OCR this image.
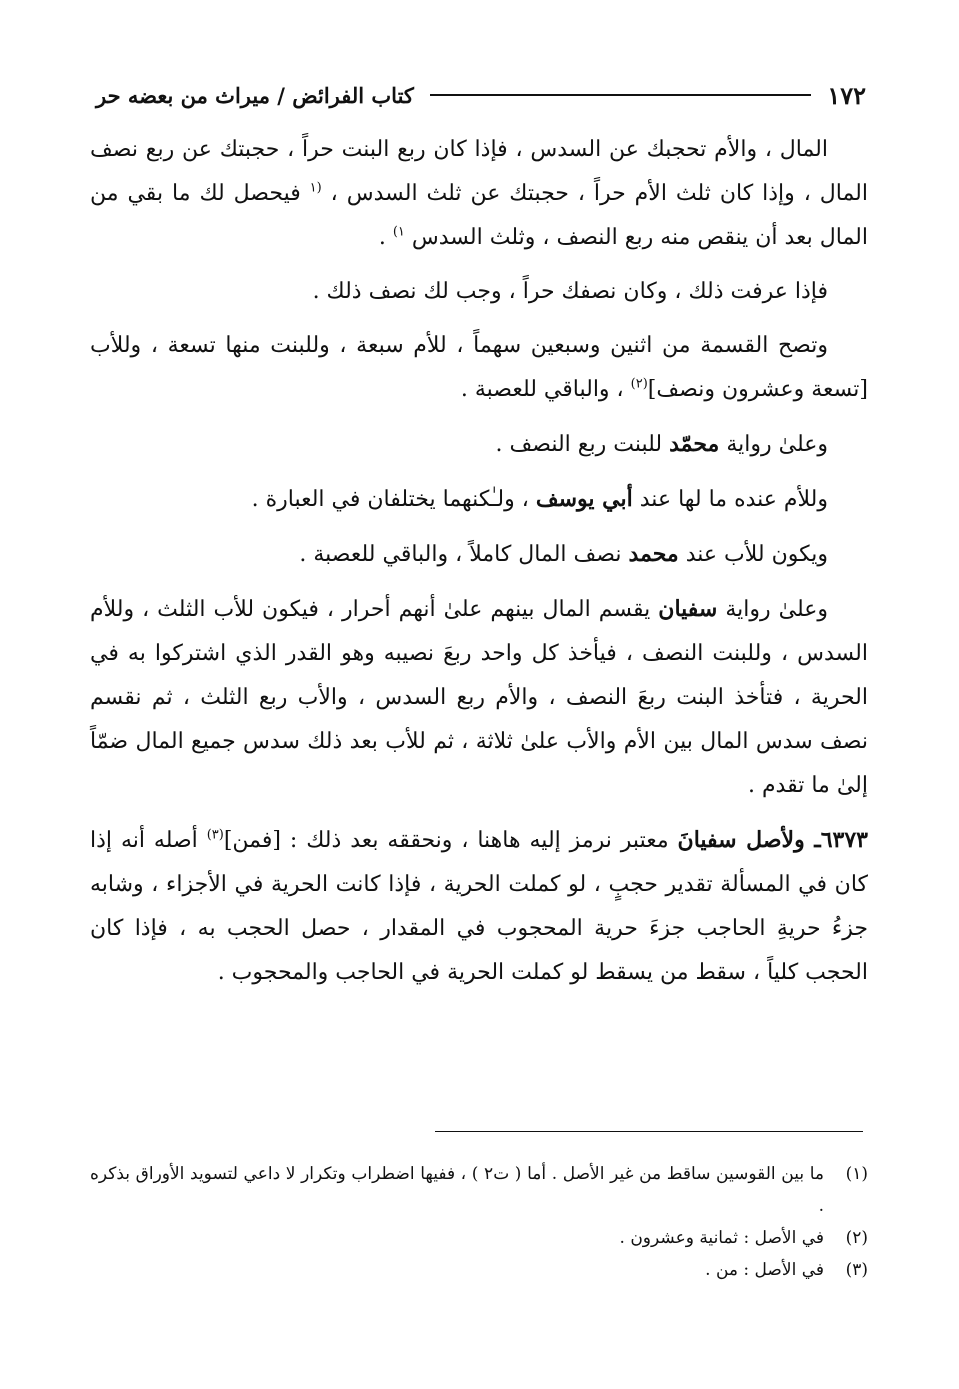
١٧٢
كتاب الفرائض / ميراث من بعضه حر

المال ، والأم تحجبك عن السدس ، فإذا كان ربع البنت حراً ، حجبتك عن ربع نصف المال ، وإذا كان ثلث الأم حراً ، حجبتك عن ثلث السدس ، $^{(١}$ فيحصل لك ما بقي من المال بعد أن ينقص منه ربع النصف ، وثلث السدس $^{١)}$ .

فإذا عرفت ذلك ، وكان نصفك حراً ، وجب لك نصف ذلك .

وتصح القسمة من اثنين وسبعين سهماً ، للأم سبعة ، وللبنت منها تسعة ، وللأب [تسعة وعشرون ونصف]$^{(٢)}$ ، والباقي للعصبة .

وعلىٰ رواية محمّد للبنت ربع النصف .

وللأم عنده ما لها عند أبي يوسف ، ولـٰكنهما يختلفان في العبارة .

ويكون للأب عند محمد نصف المال كاملاً ، والباقي للعصبة .

وعلىٰ رواية سفيان يقسم المال بينهم علىٰ أنهم أحرار ، فيكون للأب الثلث ، وللأم السدس ، وللبنت النصف ، فيأخذ كل واحد ربعَ نصيبه وهو القدر الذي اشتركوا به في الحرية ، فتأخذ البنت ربعَ النصف ، والأم ربع السدس ، والأب ربع الثلث ، ثم نقسم نصف سدس المال بين الأم والأب علىٰ ثلاثة ، ثم للأب بعد ذلك سدس جميع المال ضمّاً إلىٰ ما تقدم .

٦٣٧٣ـ ولأصل سفيانَ معتبر نرمز إليه هاهنا ، ونحققه بعد ذلك : [فمن]$^{(٣)}$ أصله أنه إذا كان في المسألة تقدير حجبٍ ، لو كملت الحرية ، فإذا كانت الحرية في الأجزاء ، وشابه جزءُ حريةِ الحاجب جزءَ حرية المحجوب في المقدار ، حصل الحجب به ، فإذا كان الحجب كلياً ، سقط من يسقط لو كملت الحرية في الحاجب والمحجوب .

(١)
ما بين القوسين ساقط من غير الأصل . أما ( ت٢ ) ، ففيها اضطراب وتكرار لا داعي لتسويد الأوراق بذكره .
(٢)
في الأصل : ثمانية وعشرون .
(٣)
في الأصل : من .
